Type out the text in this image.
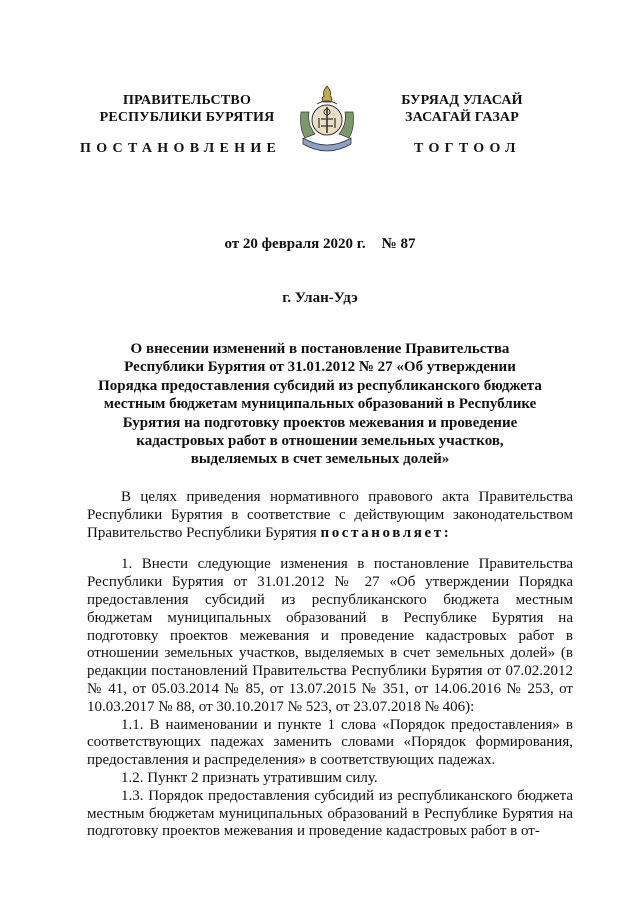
ПРАВИТЕЛЬСТВО
РЕСПУБЛИКИ БУРЯТИЯ
БУРЯАД УЛАСАЙ
ЗАСАГАЙ ГАЗАР
ПОСТАНОВЛЕНИЕ	ТОГТООЛ
от 20 февраля 2020 г. № 87
г. Улан-Удэ
О внесении изменений в постановление Правительства
Республики Бурятия от 31.01.2012 № 27 «Об утверждении
Порядка предоставления субсидий из республиканского бюджета
местным бюджетам муниципальных образований в Республике
Бурятия на подготовку проектов межевания и проведение
кадастровых работ в отношении земельных участков,
выделяемых в счет земельных долей»

В целях приведения нормативного правового акта Правительства Республики Бурятия в соответствие с действующим законодательством Правительство Республики Бурятия постановляет:

1. Внести следующие изменения в постановление Правительства Республики Бурятия от 31.01.2012 № 27 «Об утверждении Порядка предоставления субсидий из республиканского бюджета местным бюджетам муниципальных образований в Республике Бурятия на подготовку проектов межевания и проведение кадастровых работ в отношении земельных участков, выделяемых в счет земельных долей» (в редакции постановлений Правительства Республики Бурятия от 07.02.2012 № 41, от 05.03.2014 № 85, от 13.07.2015 № 351, от 14.06.2016 № 253, от 10.03.2017 № 88, от 30.10.2017 № 523, от 23.07.2018 № 406):

1.1. В наименовании и пункте 1 слова «Порядок предоставления» в соответствующих падежах заменить словами «Порядок формирования, предоставления и распределения» в соответствующих падежах.

1.2. Пункт 2 признать утратившим силу.

1.3. Порядок предоставления субсидий из республиканского бюджета местным бюджетам муниципальных образований в Республике Бурятия на подготовку проектов межевания и проведение кадастровых работ в от-
